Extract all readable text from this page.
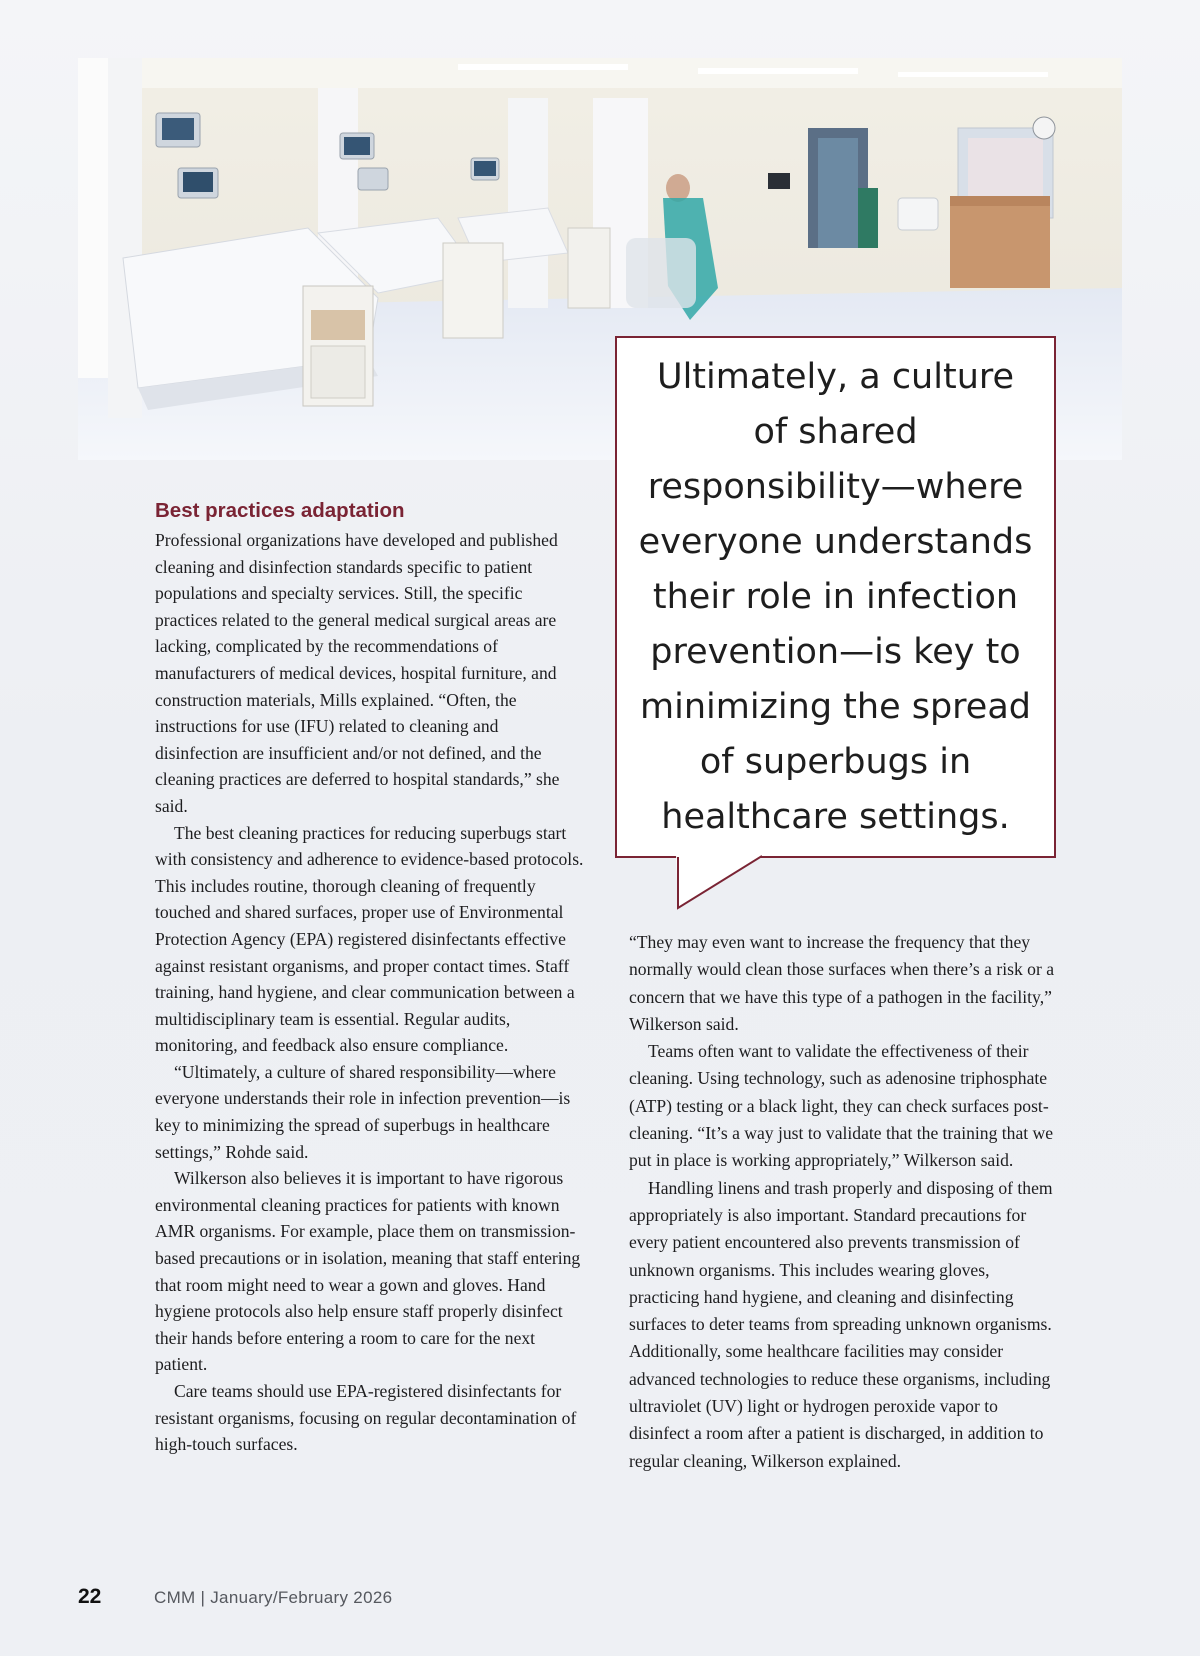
Ultimately, a culture of shared responsibility—where everyone understands their role in infection prevention—is key to minimizing the spread of superbugs in healthcare settings.
Best practices adaptation

Professional organizations have developed and published cleaning and disinfection standards specific to patient populations and specialty services. Still, the specific practices related to the general medical surgical areas are lacking, complicated by the recommendations of manufacturers of medical devices, hospital furniture, and construction materials, Mills explained. “Often, the instructions for use (IFU) related to cleaning and disinfection are insufficient and/or not defined, and the cleaning practices are deferred to hospital standards,” she said.

The best cleaning practices for reducing superbugs start with consistency and adherence to evidence-based protocols. This includes routine, thorough cleaning of frequently touched and shared surfaces, proper use of Environmental Protection Agency (EPA) registered disinfectants effective against resistant organisms, and proper contact times. Staff training, hand hygiene, and clear communication between a multidisciplinary team is essential. Regular audits, monitoring, and feedback also ensure compliance.

“Ultimately, a culture of shared responsibility—where everyone understands their role in infection prevention—is key to minimizing the spread of superbugs in healthcare settings,” Rohde said.

Wilkerson also believes it is important to have rigorous environmental cleaning practices for patients with known AMR organisms. For example, place them on transmission-based precautions or in isolation, meaning that staff entering that room might need to wear a gown and gloves. Hand hygiene protocols also help ensure staff properly disinfect their hands before entering a room to care for the next patient.

Care teams should use EPA-registered disinfectants for resistant organisms, focusing on regular decontamination of high-touch surfaces.

“They may even want to increase the frequency that they normally would clean those surfaces when there’s a risk or a concern that we have this type of a pathogen in the facility,” Wilkerson said.

Teams often want to validate the effectiveness of their cleaning. Using technology, such as adenosine triphosphate (ATP) testing or a black light, they can check surfaces post-cleaning. “It’s a way just to validate that the training that we put in place is working appropriately,” Wilkerson said.

Handling linens and trash properly and disposing of them appropriately is also important. Standard precautions for every patient encountered also prevents transmission of unknown organisms. This includes wearing gloves, practicing hand hygiene, and cleaning and disinfecting surfaces to deter teams from spreading unknown organisms. Additionally, some healthcare facilities may consider advanced technologies to reduce these organisms, including ultraviolet (UV) light or hydrogen peroxide vapor to disinfect a room after a patient is discharged, in addition to regular cleaning, Wilkerson explained.

22	CMM | January/February 2026
